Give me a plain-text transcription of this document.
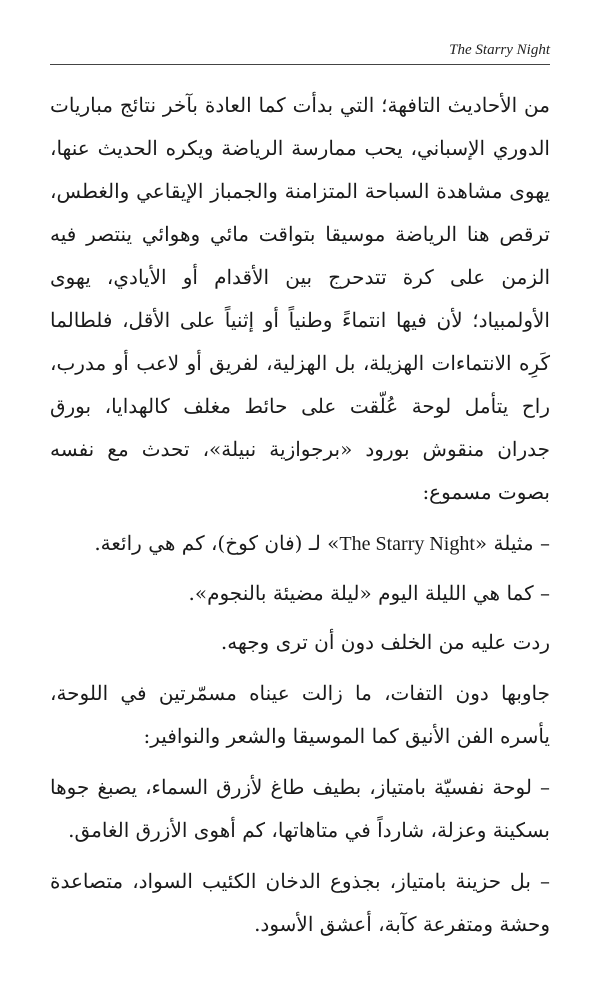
The Starry Night

من الأحاديث التافهة؛ التي بدأت كما العادة بآخر نتائج مباريات الدوري الإسباني، يحب ممارسة الرياضة ويكره الحديث عنها، يهوى مشاهدة السباحة المتزامنة والجمباز الإيقاعي والغطس، ترقص هنا الرياضة موسيقا بتواقت مائي وهوائي ينتصر فيه الزمن على كرة تتدحرج بين الأقدام أو الأيادي، يهوى الأولمبياد؛ لأن فيها انتماءً وطنياً أو إثنياً على الأقل، فلطالما كَرِه الانتماءات الهزيلة، بل الهزلية، لفريق أو لاعب أو مدرب، راح يتأمل لوحة عُلّقت على حائط مغلف كالهدايا، بورق جدران منقوش بورود «برجوازية نبيلة»، تحدث مع نفسه بصوت مسموع:

– مثيلة «The Starry Night» لـ (فان كوخ)، كم هي رائعة.

– كما هي الليلة اليوم «ليلة مضيئة بالنجوم».

ردت عليه من الخلف دون أن ترى وجهه.

جاوبها دون التفات، ما زالت عيناه مسمّرتين في اللوحة، يأسره الفن الأنيق كما الموسيقا والشعر والنوافير:

– لوحة نفسيّة بامتياز، بطيف طاغ لأزرق السماء، يصبغ جوها بسكينة وعزلة، شارداً في متاهاتها، كم أهوى الأزرق الغامق.

– بل حزينة بامتياز، بجذوع الدخان الكئيب السواد، متصاعدة وحشة ومتفرعة كآبة، أعشق الأسود.
